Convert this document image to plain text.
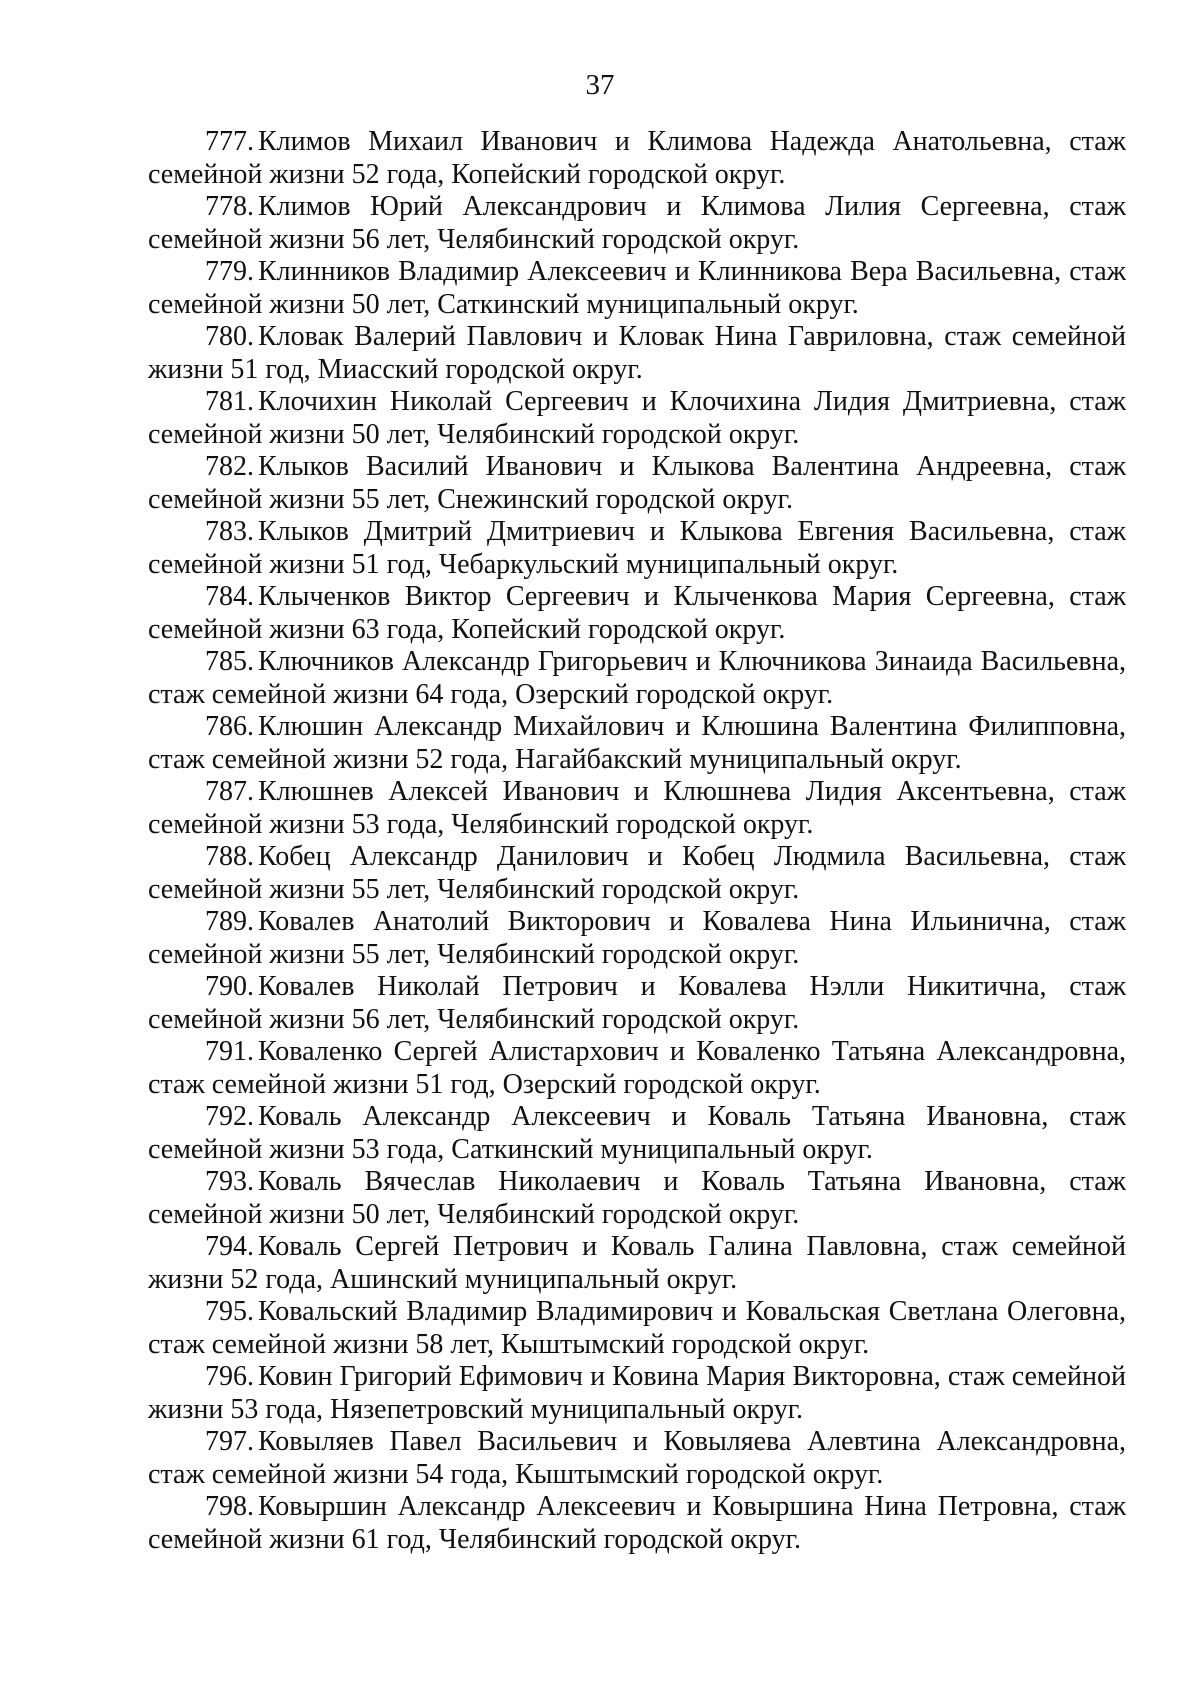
37
777. Климов Михаил Иванович и Климова Надежда Анатольевна, стаж семейной жизни 52 года, Копейский городской округ.
778. Климов Юрий Александрович и Климова Лилия Сергеевна, стаж семейной жизни 56 лет, Челябинский городской округ.
779. Клинников Владимир Алексеевич и Клинникова Вера Васильевна, стаж семейной жизни 50 лет, Саткинский муниципальный округ.
780. Кловак Валерий Павлович и Кловак Нина Гавриловна, стаж семейной жизни 51 год, Миасский городской округ.
781. Клочихин Николай Сергеевич и Клочихина Лидия Дмитриевна, стаж семейной жизни 50 лет, Челябинский городской округ.
782. Клыков Василий Иванович и Клыкова Валентина Андреевна, стаж семейной жизни 55 лет, Снежинский городской округ.
783. Клыков Дмитрий Дмитриевич и Клыкова Евгения Васильевна, стаж семейной жизни 51 год, Чебаркульский муниципальный округ.
784. Клыченков Виктор Сергеевич и Клыченкова Мария Сергеевна, стаж семейной жизни 63 года, Копейский городской округ.
785. Ключников Александр Григорьевич и Ключникова Зинаида Васильевна, стаж семейной жизни 64 года, Озерский городской округ.
786. Клюшин Александр Михайлович и Клюшина Валентина Филипповна, стаж семейной жизни 52 года, Нагайбакский муниципальный округ.
787. Клюшнев Алексей Иванович и Клюшнева Лидия Аксентьевна, стаж семейной жизни 53 года, Челябинский городской округ.
788. Кобец Александр Данилович и Кобец Людмила Васильевна, стаж семейной жизни 55 лет, Челябинский городской округ.
789. Ковалев Анатолий Викторович и Ковалева Нина Ильинична, стаж семейной жизни 55 лет, Челябинский городской округ.
790. Ковалев Николай Петрович и Ковалева Нэлли Никитична, стаж семейной жизни 56 лет, Челябинский городской округ.
791. Коваленко Сергей Алистархович и Коваленко Татьяна Александровна, стаж семейной жизни 51 год, Озерский городской округ.
792. Коваль Александр Алексеевич и Коваль Татьяна Ивановна, стаж семейной жизни 53 года, Саткинский муниципальный округ.
793. Коваль Вячеслав Николаевич и Коваль Татьяна Ивановна, стаж семейной жизни 50 лет, Челябинский городской округ.
794. Коваль Сергей Петрович и Коваль Галина Павловна, стаж семейной жизни 52 года, Ашинский муниципальный округ.
795. Ковальский Владимир Владимирович и Ковальская Светлана Олеговна, стаж семейной жизни 58 лет, Кыштымский городской округ.
796. Ковин Григорий Ефимович и Ковина Мария Викторовна, стаж семейной жизни 53 года, Нязепетровский муниципальный округ.
797. Ковыляев Павел Васильевич и Ковыляева Алевтина Александровна, стаж семейной жизни 54 года, Кыштымский городской округ.
798. Ковыршин Александр Алексеевич и Ковыршина Нина Петровна, стаж семейной жизни 61 год, Челябинский городской округ.
